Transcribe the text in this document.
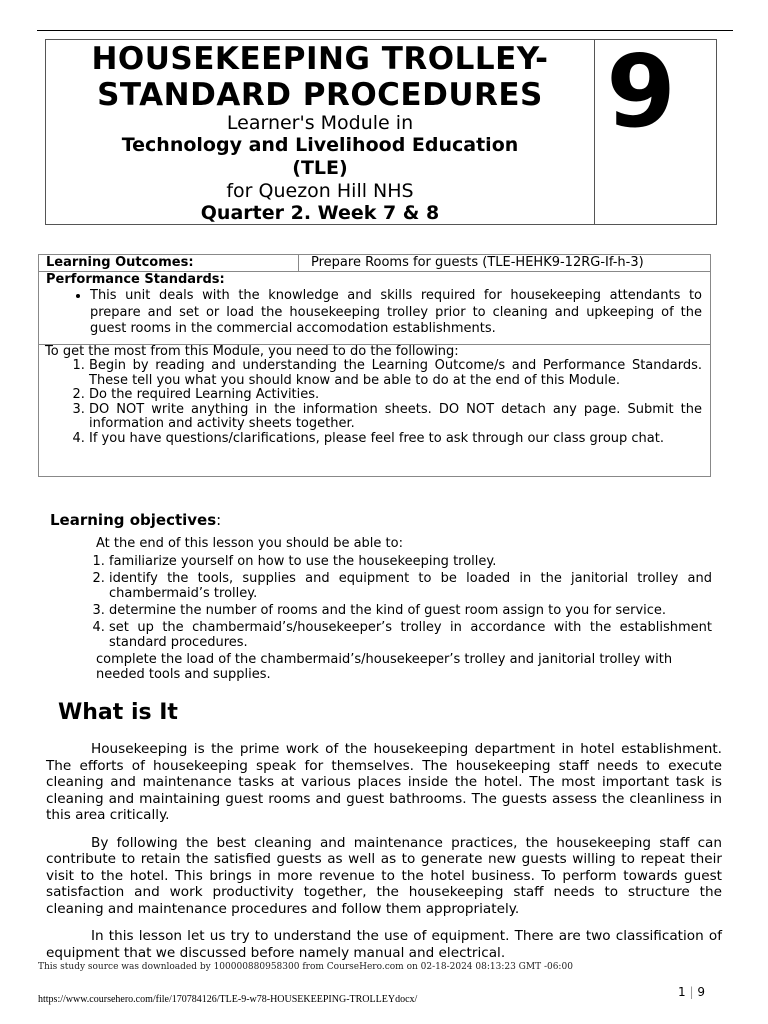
HOUSEKEEPING TROLLEY-
STANDARD PROCEDURES
Learner's Module in
Technology and Livelihood Education
(TLE)
for Quezon Hill NHS
Quarter 2. Week 7 & 8
9
Learning Outcomes:	Prepare Rooms for guests (TLE-HEHK9-12RG-If-h-3)
Performance Standards:
• This unit deals with the knowledge and skills required for housekeeping attendants to prepare and set or load the housekeeping trolley prior to cleaning and upkeeping of the guest rooms in the commercial accomodation establishments.
To get the most from this Module, you need to do the following:
1. Begin by reading and understanding the Learning Outcome/s and Performance Standards. These tell you what you should know and be able to do at the end of this Module.
2. Do the required Learning Activities.
3. DO NOT write anything in the information sheets. DO NOT detach any page. Submit the information and activity sheets together.
4. If you have questions/clarifications, please feel free to ask through our class group chat.
Learning objectives:
At the end of this lesson you should be able to:
1. familiarize yourself on how to use the housekeeping trolley.
2. identify the tools, supplies and equipment to be loaded in the janitorial trolley and chambermaid’s trolley.
3. determine the number of rooms and the kind of guest room assign to you for service.
4. set up the chambermaid’s/housekeeper’s trolley in accordance with the establishment standard procedures.
complete the load of the chambermaid’s/housekeeper’s trolley and janitorial trolley with needed tools and supplies.
What is It

Housekeeping is the prime work of the housekeeping department in hotel establishment. The efforts of housekeeping speak for themselves. The housekeeping staff needs to execute cleaning and maintenance tasks at various places inside the hotel. The most important task is cleaning and maintaining guest rooms and guest bathrooms. The guests assess the cleanliness in this area critically.

By following the best cleaning and maintenance practices, the housekeeping staff can contribute to retain the satisfied guests as well as to generate new guests willing to repeat their visit to the hotel. This brings in more revenue to the hotel business. To perform towards guest satisfaction and work productivity together, the housekeeping staff needs to structure the cleaning and maintenance procedures and follow them appropriately.

In this lesson let us try to understand the use of equipment. There are two classification of equipment that we discussed before namely manual and electrical.

This study source was downloaded by 100000880958300 from CourseHero.com on 02-18-2024 08:13:23 GMT -06:00
https://www.coursehero.com/file/170784126/TLE-9-w78-HOUSEKEEPING-TROLLEYdocx/
1 | 9
